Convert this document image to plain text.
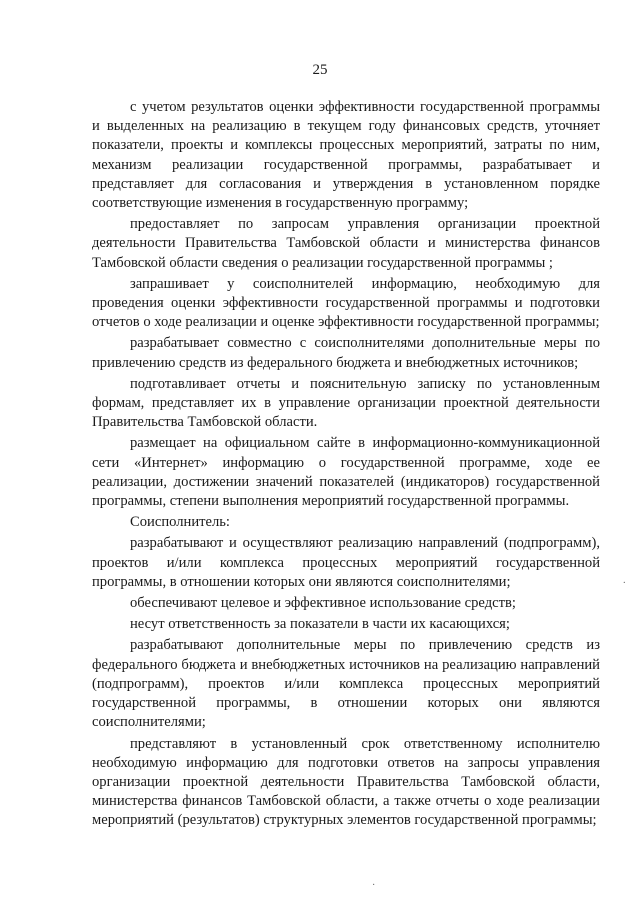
25

с учетом результатов оценки эффективности государственной программы и выделенных на реализацию в текущем году финансовых средств, уточняет показатели, проекты и комплексы процессных мероприятий, затраты по ним, механизм реализации государственной программы, разрабатывает и представляет для согласования и утверждения в установленном порядке соответствующие изменения в государственную программу;

предоставляет по запросам управления организации проектной деятельности Правительства Тамбовской области и министерства финансов Тамбовской области сведения о реализации государственной программы ;

запрашивает у соисполнителей информацию, необходимую для проведения оценки эффективности государственной программы и подготовки отчетов о ходе реализации и оценке эффективности государственной программы;

разрабатывает совместно с соисполнителями дополнительные меры по привлечению средств из федерального бюджета и внебюджетных источников;

подготавливает отчеты и пояснительную записку по установленным формам, представляет их в управление организации проектной деятельности Правительства Тамбовской области.

размещает на официальном сайте в информационно-коммуникационной сети «Интернет» информацию о государственной программе, ходе ее реализации, достижении значений показателей (индикаторов) государственной программы, степени выполнения мероприятий государственной программы.

Соисполнитель:

разрабатывают и осуществляют реализацию направлений (подпрограмм), проектов и/или комплекса процессных мероприятий государственной программы, в отношении которых они являются соисполнителями;

обеспечивают целевое и эффективное использование средств;

несут ответственность за показатели в части их касающихся;

разрабатывают дополнительные меры по привлечению средств из федерального бюджета и внебюджетных источников на реализацию направлений (подпрограмм), проектов и/или комплекса процессных мероприятий государственной программы, в отношении которых они являются соисполнителями;

представляют в установленный срок ответственному исполнителю необходимую информацию для подготовки ответов на запросы управления организации проектной деятельности Правительства Тамбовской области, министерства финансов Тамбовской области, а также отчеты о ходе реализации мероприятий (результатов) структурных элементов государственной программы;

·
·
